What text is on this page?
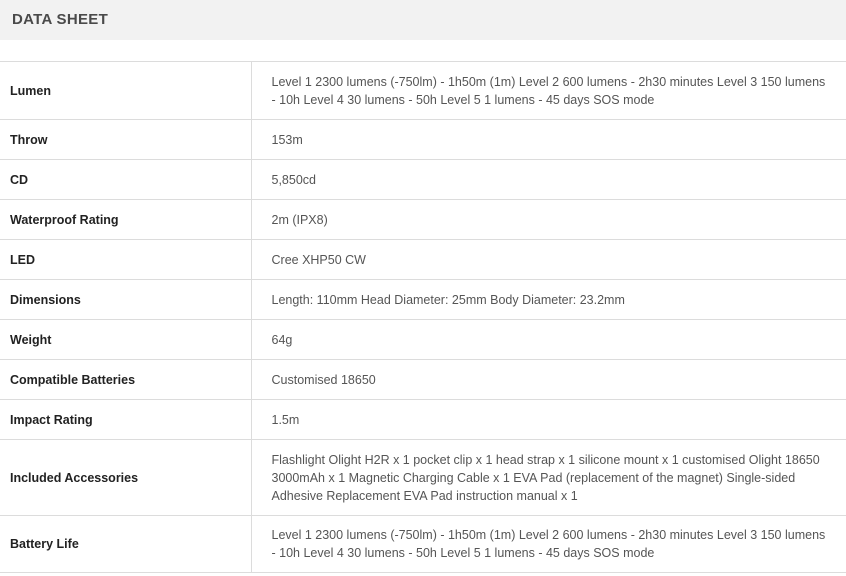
DATA SHEET
Lumen	Level 1 2300 lumens (-750lm) - 1h50m (1m) Level 2 600 lumens - 2h30 minutes Level 3 150 lumens - 10h Level 4 30 lumens - 50h Level 5 1 lumens - 45 days SOS mode
Throw	153m
CD	5,850cd
Waterproof Rating	2m (IPX8)
LED	Cree XHP50 CW
Dimensions	Length: 110mm Head Diameter: 25mm Body Diameter: 23.2mm
Weight	64g
Compatible Batteries	Customised 18650
Impact Rating	1.5m
Included Accessories	Flashlight Olight H2R x 1 pocket clip x 1 head strap x 1 silicone mount x 1 customised Olight 18650 3000mAh x 1 Magnetic Charging Cable x 1 EVA Pad (replacement of the magnet) Single-sided Adhesive Replacement EVA Pad instruction manual x 1
Battery Life	Level 1 2300 lumens (-750lm) - 1h50m (1m) Level 2 600 lumens - 2h30 minutes Level 3 150 lumens - 10h Level 4 30 lumens - 50h Level 5 1 lumens - 45 days SOS mode
